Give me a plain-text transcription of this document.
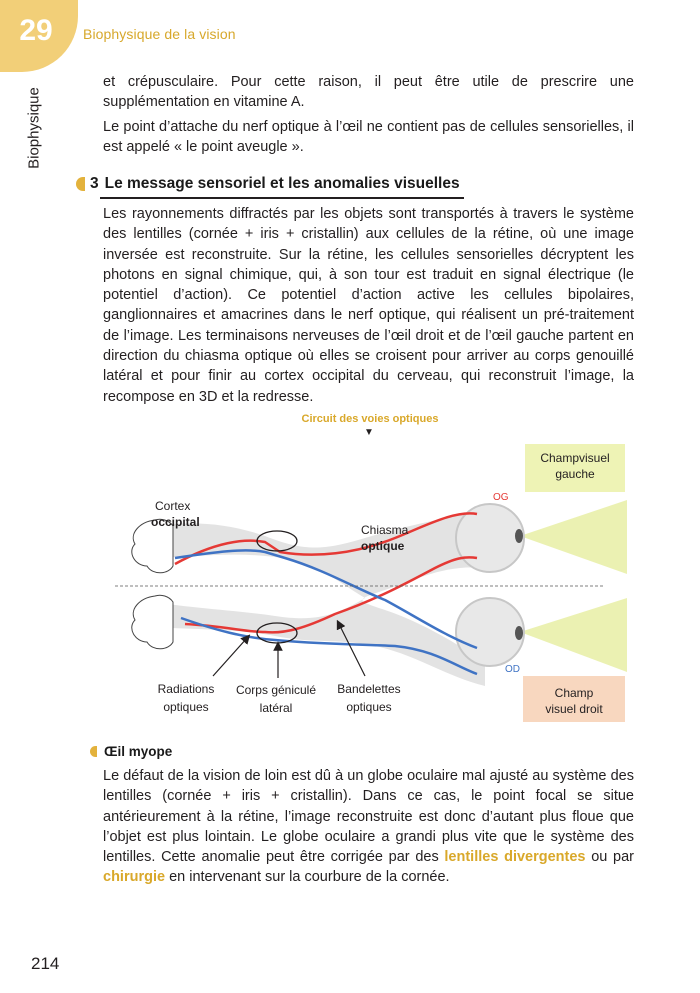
29	Biophysique de la vision
Biophysique

et crépusculaire. Pour cette raison, il peut être utile de prescrire une supplémentation en vitamine A.

Le point d’attache du nerf optique à l’œil ne contient pas de cellules sensorielles, il est appelé « le point aveugle ».

3 Le message sensoriel et les anomalies visuelles

Les rayonnements diffractés par les objets sont transportés à travers le système des lentilles (cornée + iris + cristallin) aux cellules de la rétine, où une image inversée est reconstruite. Sur la rétine, les cellules sensorielles décryptent les photons en signal chimique, qui, à son tour est traduit en signal électrique (le potentiel d’action). Ce potentiel d’action active les cellules bipolaires, ganglionnaires et amacrines dans le nerf optique, qui réalisent un pré-traitement de l’image. Les terminaisons nerveuses de l’œil droit et de l’œil gauche partent en direction du chiasma optique où elles se croisent pour arriver au corps genouillé latéral et pour finir au cortex occipital du cerveau, qui reconstruit l’image, la recompose en 3D et la redresse.

Circuit des voies optiques
▼
Cortex
occipital
Chiasma
optique
Champvisuel
gauche
OG
OD
Champ
visuel droit
Radiations
optiques
Corps géniculé
latéral
Bandelettes
optiques
Œil myope

Le défaut de la vision de loin est dû à un globe oculaire mal ajusté au système des lentilles (cornée + iris + cristallin). Dans ce cas, le point focal se situe antérieurement à la rétine, l’image reconstruite est donc d’autant plus floue que l’objet est plus lointain. Le globe oculaire a grandi plus vite que le système des lentilles. Cette anomalie peut être corrigée par des lentilles divergentes ou par chirurgie en intervenant sur la courbure de la cornée.

214
